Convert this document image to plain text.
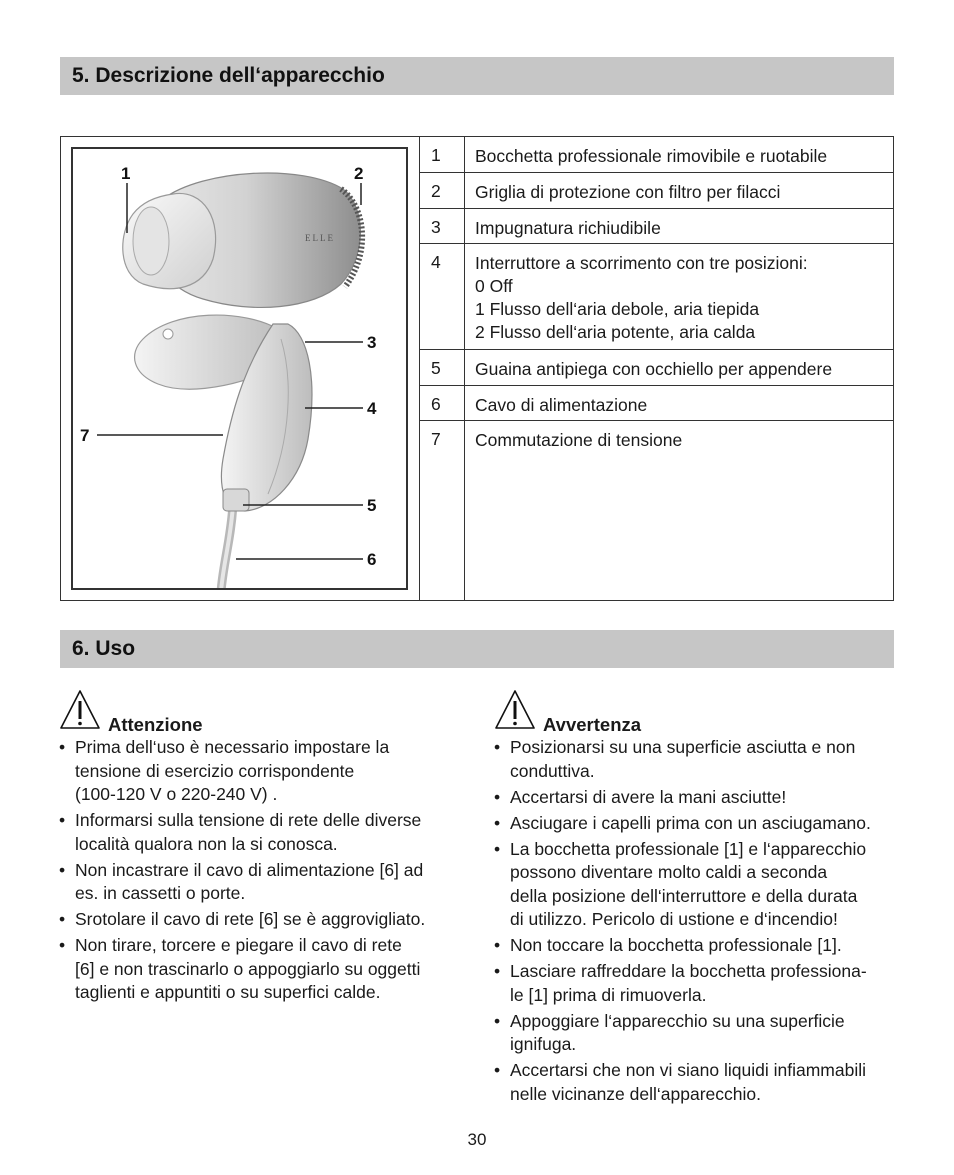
5. Descrizione dell‘apparecchio
ELLE
1	2
3
4
5
6
7
1	Bocchetta professionale rimovibile e ruotabile
2	Griglia di protezione con filtro per filacci
3	Impugnatura richiudibile
4	Interruttore a scorrimento con tre posizioni:
0 Off
1 Flusso dell‘aria debole, aria tiepida
2 Flusso dell‘aria potente, aria calda
5	Guaina antipiega con occhiello per appendere
6	Cavo di alimentazione
7	Commutazione di tensione
6. Uso
Attenzione
• Prima dell‘uso è necessario impostare la
tensione di esercizio corrispondente
(100-120 V o 220-240 V) .
• Informarsi sulla tensione di rete delle diverse
località qualora non la si conosca.
• Non incastrare il cavo di alimentazione [6] ad
es. in cassetti o porte.
• Srotolare il cavo di rete [6] se è aggrovigliato.
• Non tirare, torcere e piegare il cavo di rete
[6] e non trascinarlo o appoggiarlo su oggetti
taglienti e appuntiti o su superfici calde.
Avvertenza
• Posizionarsi su una superficie asciutta e non
conduttiva.
• Accertarsi di avere la mani asciutte!
• Asciugare i capelli prima con un asciugamano.
• La bocchetta professionale [1] e l‘apparecchio
possono diventare molto caldi a seconda
della posizione dell‘interruttore e della durata
di utilizzo. Pericolo di ustione e d‘incendio!
• Non toccare la bocchetta professionale [1].
• Lasciare raffreddare la bocchetta professiona-
le [1] prima di rimuoverla.
• Appoggiare l‘apparecchio su una superficie
ignifuga.
• Accertarsi che non vi siano liquidi infiammabili
nelle vicinanze dell‘apparecchio.
30
